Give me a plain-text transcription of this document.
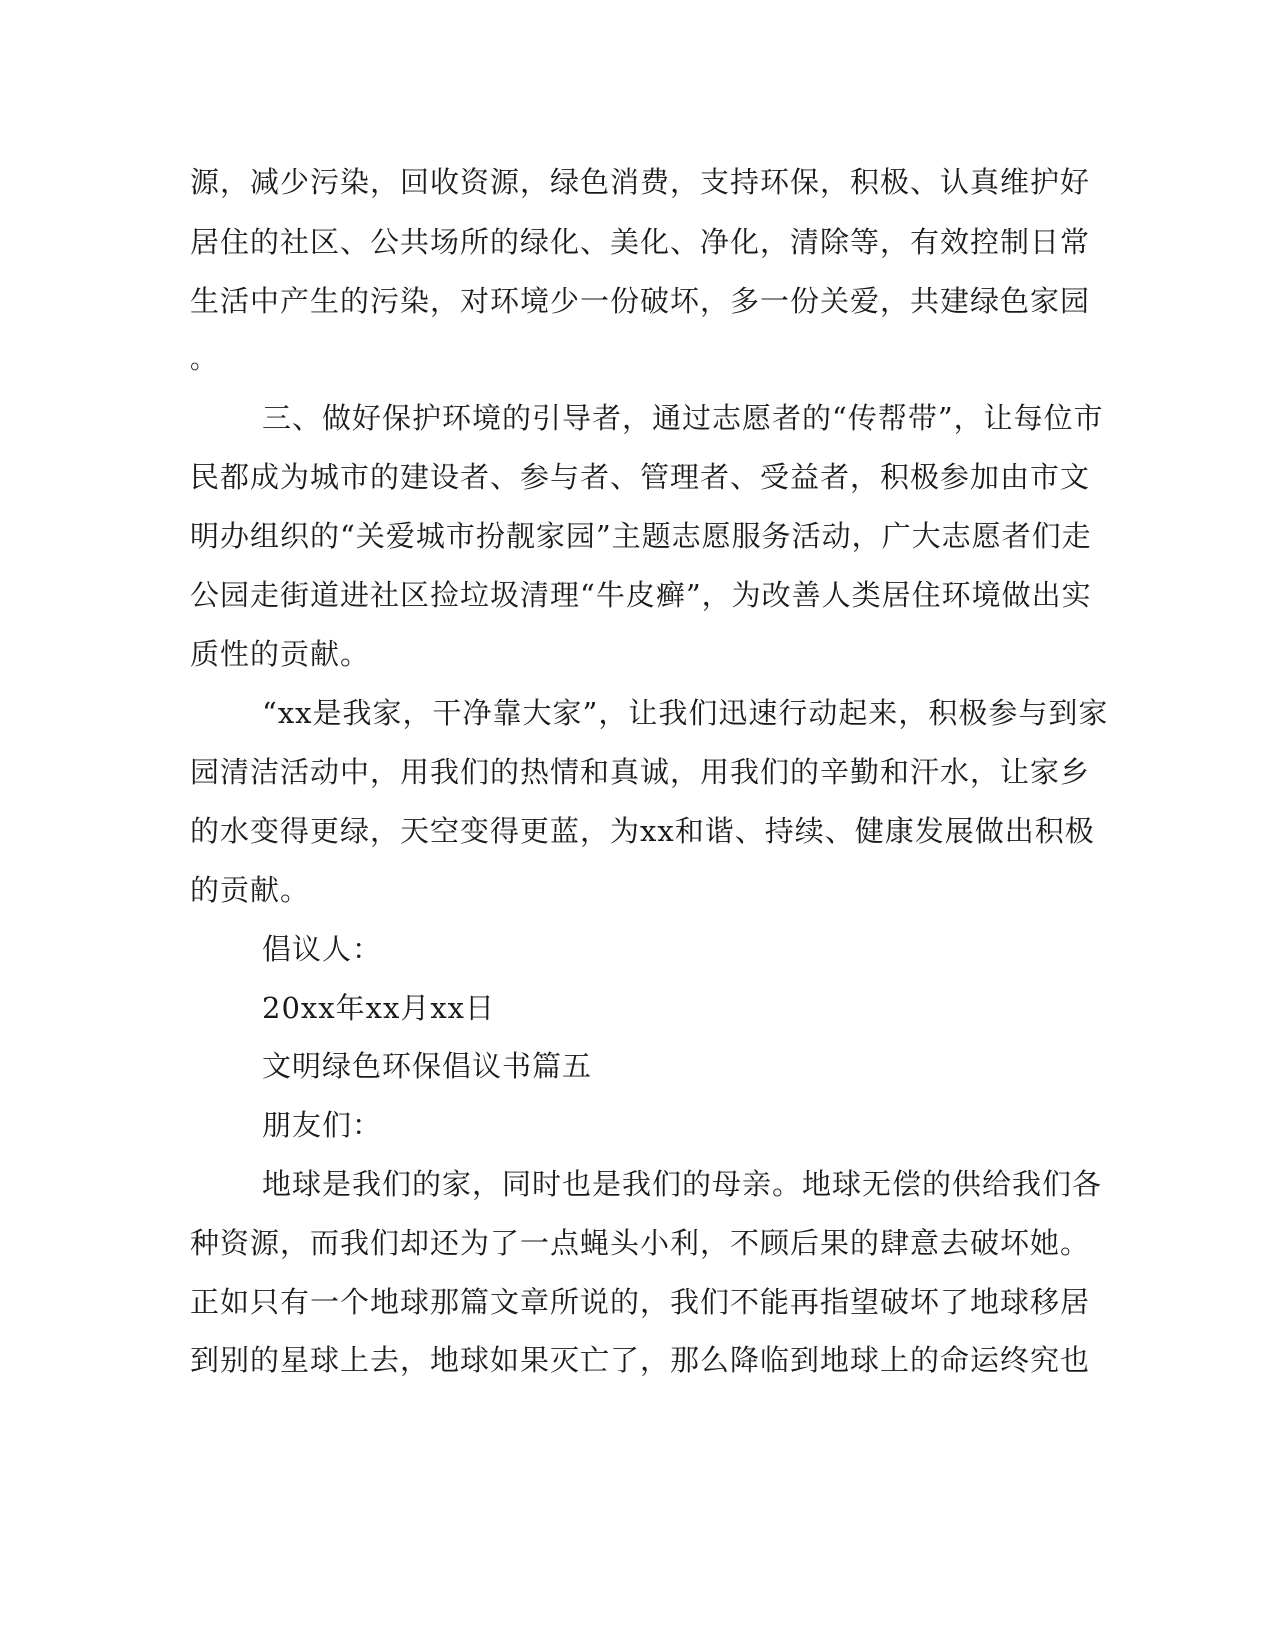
源，减少污染，回收资源，绿色消费，支持环保，积极、认真维护好
居住的社区、公共场所的绿化、美化、净化，清除等，有效控制日常
生活中产生的污染，对环境少一份破坏，多一份关爱，共建绿色家园
。
三、做好保护环境的引导者，通过志愿者的“传帮带”，让每位市
民都成为城市的建设者、参与者、管理者、受益者，积极参加由市文
明办组织的“关爱城市扮靓家园”主题志愿服务活动，广大志愿者们走
公园走街道进社区捡垃圾清理“牛皮癣”，为改善人类居住环境做出实
质性的贡献。
“xx是我家，干净靠大家”，让我们迅速行动起来，积极参与到家
园清洁活动中，用我们的热情和真诚，用我们的辛勤和汗水，让家乡
的水变得更绿，天空变得更蓝，为xx和谐、持续、健康发展做出积极
的贡献。
倡议人：
20xx年xx月xx日
文明绿色环保倡议书篇五
朋友们：
地球是我们的家，同时也是我们的母亲。地球无偿的供给我们各
种资源，而我们却还为了一点蝇头小利，不顾后果的肆意去破坏她。
正如只有一个地球那篇文章所说的，我们不能再指望破坏了地球移居
到别的星球上去，地球如果灭亡了，那么降临到地球上的命运终究也
